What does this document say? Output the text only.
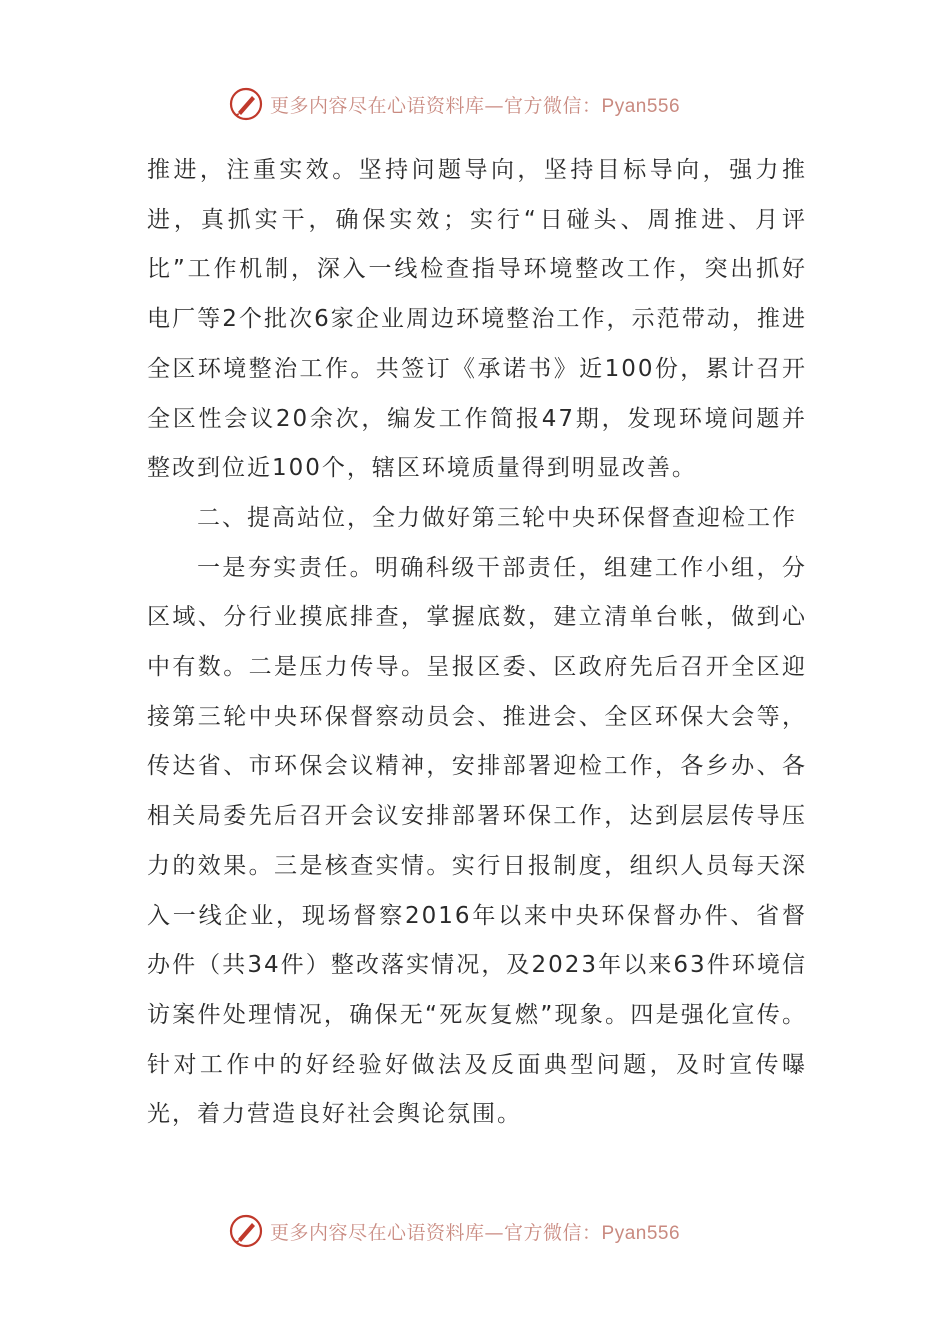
更多内容尽在心语资料库—官方微信：Pyan556

推进，注重实效。坚持问题导向，坚持目标导向，强力推进，真抓实干，确保实效；实行“日碰头、周推进、月评比”工作机制，深入一线检查指导环境整改工作，突出抓好电厂等2个批次6家企业周边环境整治工作，示范带动，推进全区环境整治工作。共签订《承诺书》近100份，累计召开全区性会议20余次，编发工作简报47期，发现环境问题并整改到位近100个，辖区环境质量得到明显改善。

二、提高站位，全力做好第三轮中央环保督查迎检工作

一是夯实责任。明确科级干部责任，组建工作小组，分区域、分行业摸底排查，掌握底数，建立清单台帐，做到心中有数。二是压力传导。呈报区委、区政府先后召开全区迎接第三轮中央环保督察动员会、推进会、全区环保大会等，传达省、市环保会议精神，安排部署迎检工作，各乡办、各相关局委先后召开会议安排部署环保工作，达到层层传导压力的效果。三是核查实情。实行日报制度，组织人员每天深入一线企业，现场督察2016年以来中央环保督办件、省督办件（共34件）整改落实情况，及2023年以来63件环境信访案件处理情况，确保无“死灰复燃”现象。四是强化宣传。针对工作中的好经验好做法及反面典型问题，及时宣传曝光，着力营造良好社会舆论氛围。

更多内容尽在心语资料库—官方微信：Pyan556
